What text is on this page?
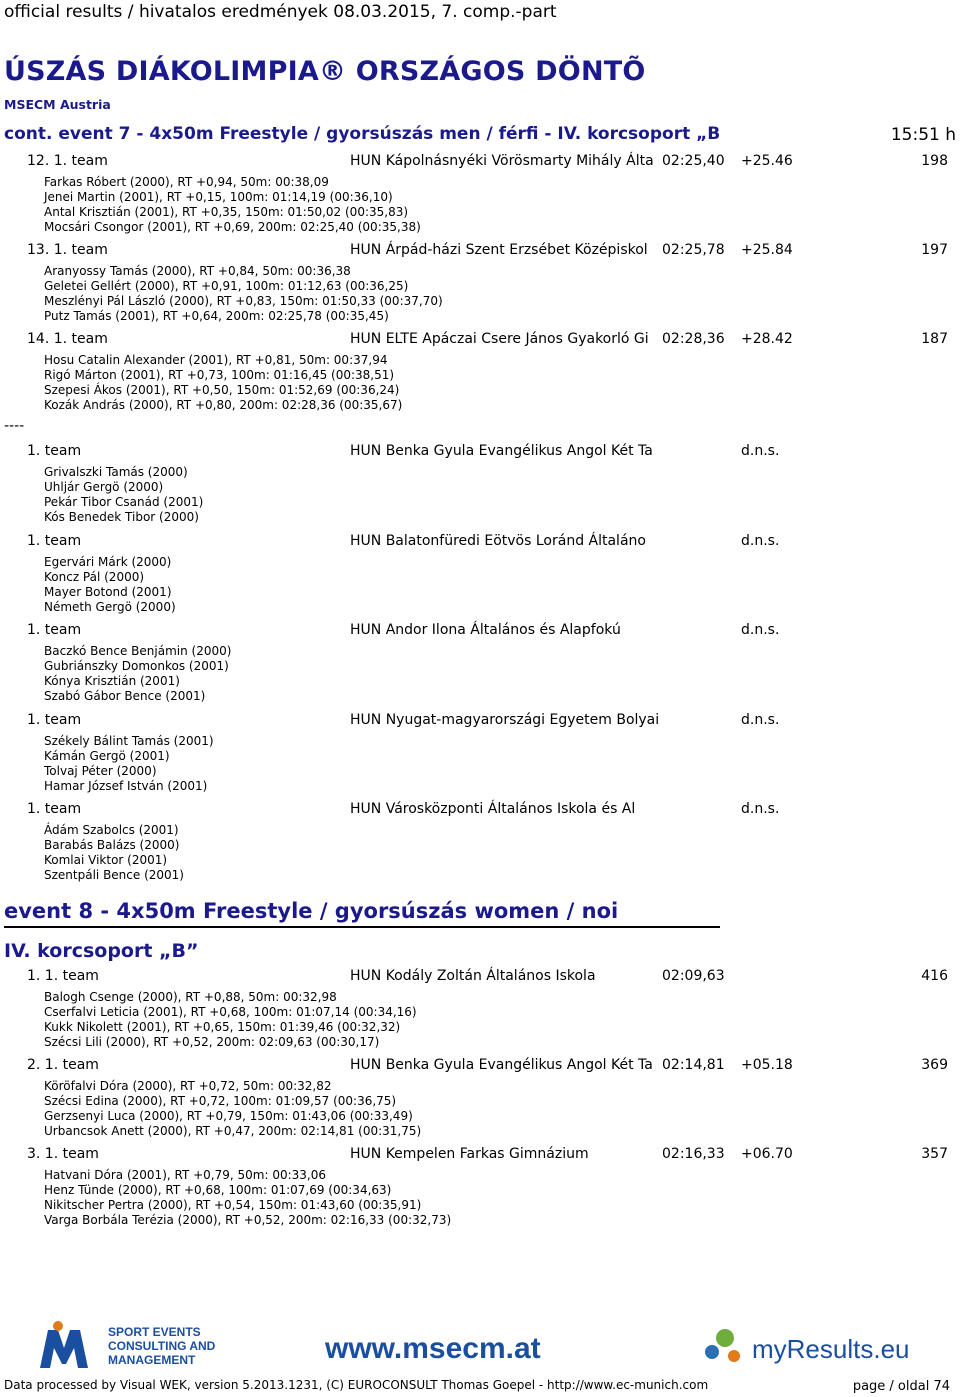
official results / hivatalos eredmények 08.03.2015, 7. comp.-part
ÚSZÁS DIÁKOLIMPIA® ORSZÁGOS DÖNTÕ
MSECM Austria
cont. event 7 - 4x50m Freestyle / gyorsúszás men / férfi - IV. korcsoport „B	15:51 h
12. 1. team	HUN Kápolnásnyéki Vörösmarty Mihály Álta 02:25,40 +25.46	198
Farkas Róbert (2000), RT +0,94, 50m: 00:38,09
Jenei Martin (2001), RT +0,15, 100m: 01:14,19 (00:36,10)
Antal Krisztián (2001), RT +0,35, 150m: 01:50,02 (00:35,83)
Mocsári Csongor (2001), RT +0,69, 200m: 02:25,40 (00:35,38)
13. 1. team	HUN Árpád-házi Szent Erzsébet Középiskol 02:25,78 +25.84	197
Aranyossy Tamás (2000), RT +0,84, 50m: 00:36,38
Geletei Gellért (2000), RT +0,91, 100m: 01:12,63 (00:36,25)
Meszlényi Pál László (2000), RT +0,83, 150m: 01:50,33 (00:37,70)
Putz Tamás (2001), RT +0,64, 200m: 02:25,78 (00:35,45)
14. 1. team	HUN ELTE Apáczai Csere János Gyakorló Gi 02:28,36 +28.42	187
Hosu Catalin Alexander (2001), RT +0,81, 50m: 00:37,94
Rigó Márton (2001), RT +0,73, 100m: 01:16,45 (00:38,51)
Szepesi Ákos (2001), RT +0,50, 150m: 01:52,69 (00:36,24)
Kozák András (2000), RT +0,80, 200m: 02:28,36 (00:35,67)
----
1. team	HUN Benka Gyula Evangélikus Angol Két Ta	d.n.s.
Grivalszki Tamás (2000)
Uhljár Gergö (2000)
Pekár Tibor Csanád (2001)
Kós Benedek Tibor (2000)
1. team	HUN Balatonfüredi Eötvös Loránd Általáno	d.n.s.
Egervári Márk (2000)
Koncz Pál (2000)
Mayer Botond (2001)
Németh Gergö (2000)
1. team	HUN Andor Ilona Általános és Alapfokú	d.n.s.
Baczkó Bence Benjámin (2000)
Gubriánszky Domonkos (2001)
Kónya Krisztián (2001)
Szabó Gábor Bence (2001)
1. team	HUN Nyugat-magyarországi Egyetem Bolyai	d.n.s.
Székely Bálint Tamás (2001)
Kámán Gergö (2001)
Tolvaj Péter (2000)
Hamar József István (2001)
1. team	HUN Városközponti Általános Iskola és Al	d.n.s.
Ádám Szabolcs (2001)
Barabás Balázs (2000)
Komlai Viktor (2001)
Szentpáli Bence (2001)
event 8 - 4x50m Freestyle / gyorsúszás women / noi
IV. korcsoport „B”
1. 1. team	HUN Kodály Zoltán Általános Iskola	02:09,63	416
Balogh Csenge (2000), RT +0,88, 50m: 00:32,98
Cserfalvi Leticia (2001), RT +0,68, 100m: 01:07,14 (00:34,16)
Kukk Nikolett (2001), RT +0,65, 150m: 01:39,46 (00:32,32)
Szécsi Lili (2000), RT +0,52, 200m: 02:09,63 (00:30,17)
2. 1. team	HUN Benka Gyula Evangélikus Angol Két Ta 02:14,81 +05.18	369
Köröfalvi Dóra (2000), RT +0,72, 50m: 00:32,82
Szécsi Edina (2000), RT +0,72, 100m: 01:09,57 (00:36,75)
Gerzsenyi Luca (2000), RT +0,79, 150m: 01:43,06 (00:33,49)
Urbancsok Anett (2000), RT +0,47, 200m: 02:14,81 (00:31,75)
3. 1. team	HUN Kempelen Farkas Gimnázium	02:16,33 +06.70	357
Hatvani Dóra (2001), RT +0,79, 50m: 00:33,06
Henz Tünde (2000), RT +0,68, 100m: 01:07,69 (00:34,63)
Nikitscher Pertra (2000), RT +0,54, 150m: 01:43,60 (00:35,91)
Varga Borbála Terézia (2000), RT +0,52, 200m: 02:16,33 (00:32,73)
SPORT EVENTS
CONSULTING AND
MANAGEMENT	www.msecm.at	myResults.eu
Data processed by Visual WEK, version 5.2013.1231, (C) EUROCONSULT Thomas Goepel - http://www.ec-munich.com	page / oldal 74
